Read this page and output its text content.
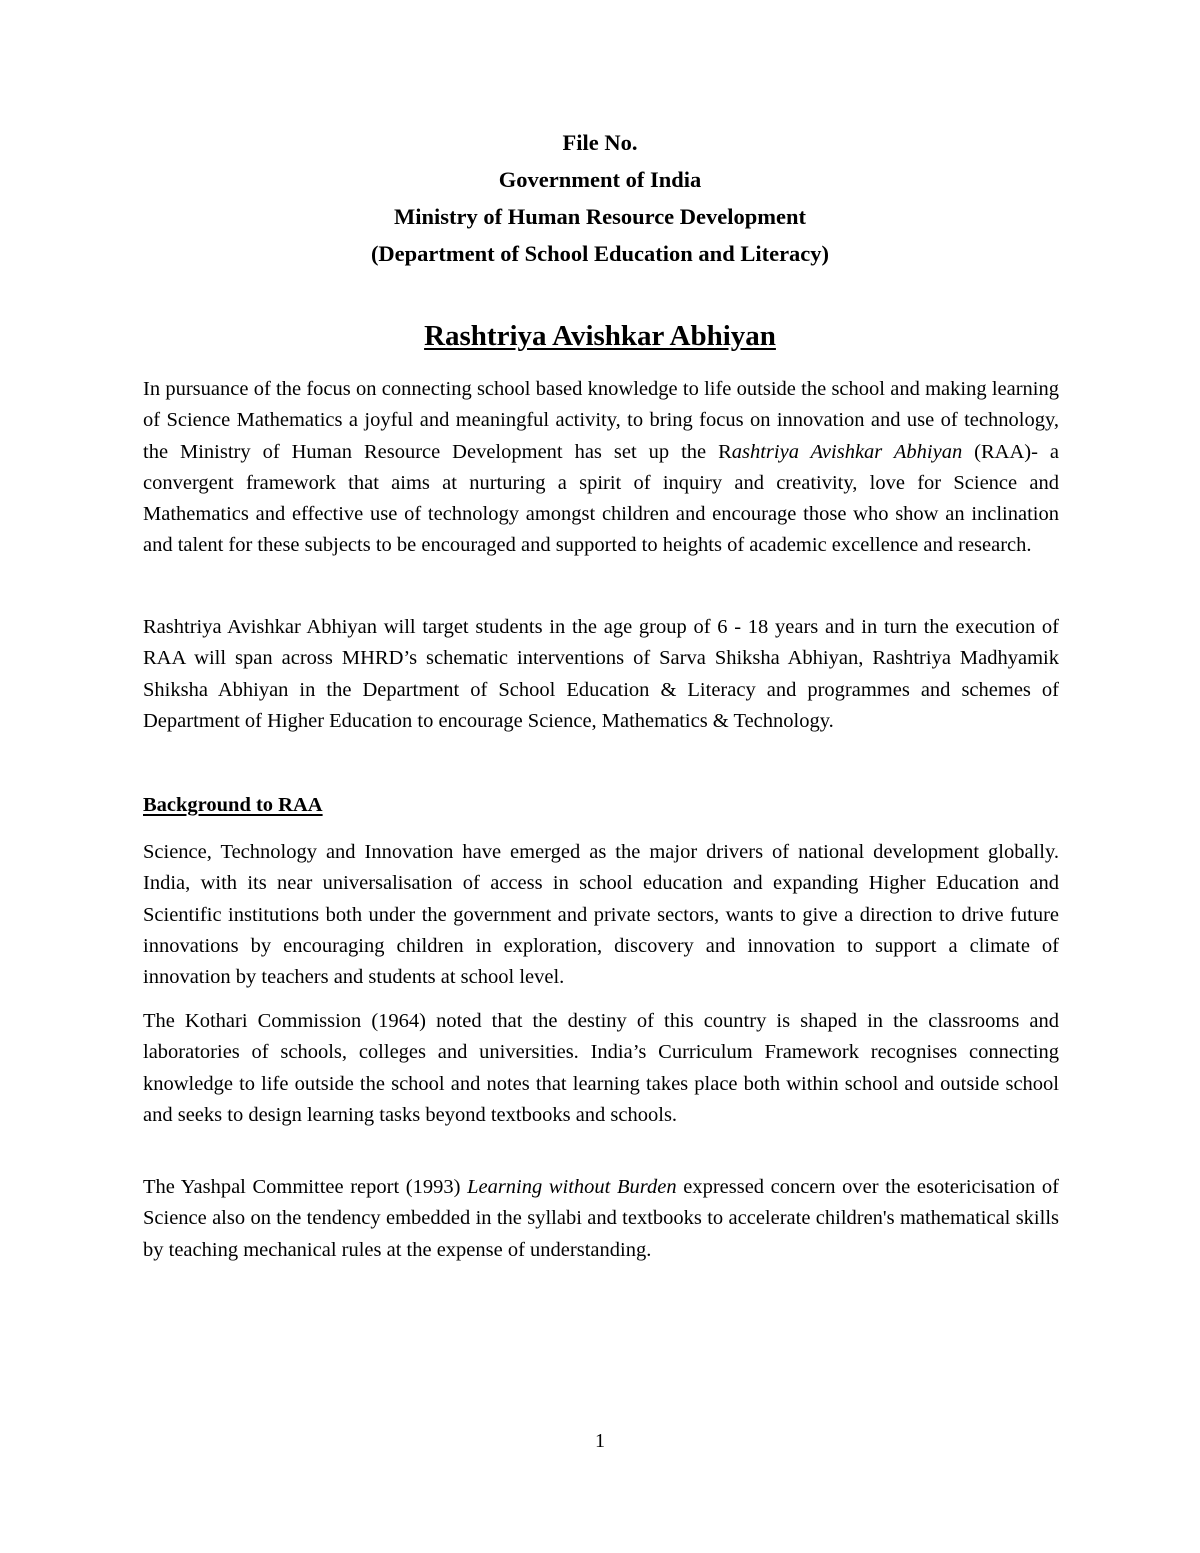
File No.
Government of India
Ministry of Human Resource Development
(Department of School Education and Literacy)
Rashtriya Avishkar Abhiyan

In pursuance of the focus on connecting school based knowledge to life outside the school and making learning of Science Mathematics a joyful and meaningful activity, to bring focus on innovation and use of technology, the Ministry of Human Resource Development has set up the Rashtriya Avishkar Abhiyan (RAA)- a convergent framework that aims at nurturing a spirit of inquiry and creativity, love for Science and Mathematics and effective use of technology amongst children and encourage those who show an inclination and talent for these subjects to be encouraged and supported to heights of academic excellence and research.

Rashtriya Avishkar Abhiyan will target students in the age group of 6 - 18 years and in turn the execution of RAA will span across MHRD’s schematic interventions of Sarva Shiksha Abhiyan, Rashtriya Madhyamik Shiksha Abhiyan in the Department of School Education & Literacy and programmes and schemes of Department of Higher Education to encourage Science, Mathematics & Technology.

Background to RAA

Science, Technology and Innovation have emerged as the major drivers of national development globally. India, with its near universalisation of access in school education and expanding Higher Education and Scientific institutions both under the government and private sectors, wants to give a direction to drive future innovations by encouraging children in exploration, discovery and innovation to support a climate of innovation by teachers and students at school level.

The Kothari Commission (1964) noted that the destiny of this country is shaped in the classrooms and laboratories of schools, colleges and universities. India’s Curriculum Framework recognises connecting knowledge to life outside the school and notes that learning takes place both within school and outside school and seeks to design learning tasks beyond textbooks and schools.

The Yashpal Committee report (1993) Learning without Burden expressed concern over the esotericisation of Science also on the tendency embedded in the syllabi and textbooks to accelerate children's mathematical skills by teaching mechanical rules at the expense of understanding.

1
